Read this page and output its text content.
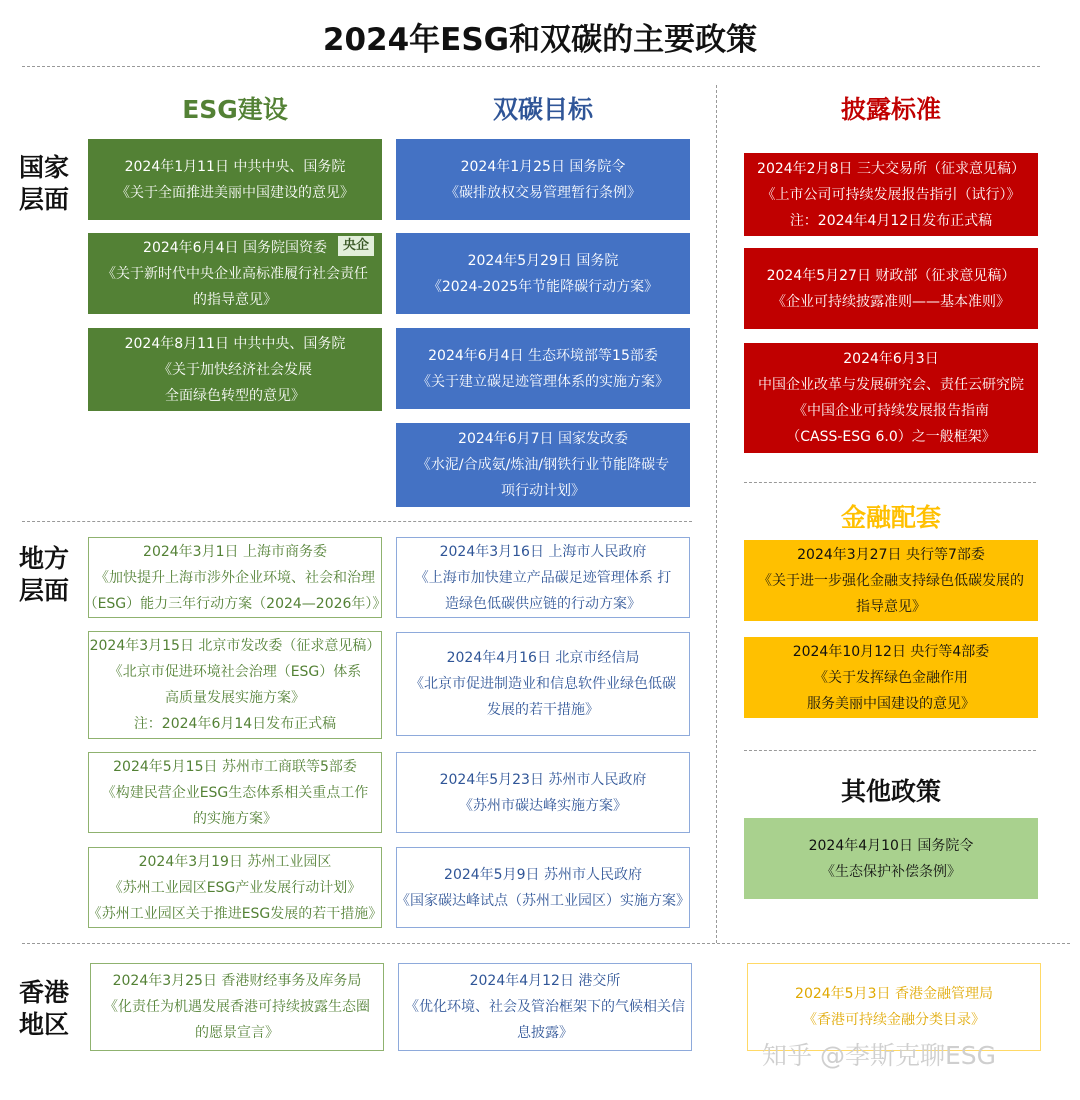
2024年ESG和双碳的主要政策
ESG建设	双碳目标	披露标准
金融配套
其他政策
国家
层面
地方
层面
香港
地区
2024年1月11日 中共中央、国务院
《关于全面推进美丽中国建设的意见》
2024年6月4日 国务院国资委
《关于新时代中央企业高标准履行社会责任
的指导意见》
央企
2024年8月11日 中共中央、国务院
《关于加快经济社会发展
全面绿色转型的意见》
2024年1月25日 国务院令
《碳排放权交易管理暂行条例》
2024年5月29日 国务院
《2024-2025年节能降碳行动方案》
2024年6月4日 生态环境部等15部委
《关于建立碳足迹管理体系的实施方案》
2024年6月7日 国家发改委
《水泥/合成氨/炼油/钢铁行业节能降碳专
项行动计划》
2024年2月8日 三大交易所（征求意见稿）
《上市公司可持续发展报告指引（试行）》
注：2024年4月12日发布正式稿
2024年5月27日 财政部（征求意见稿）
《企业可持续披露准则——基本准则》
2024年6月3日
中国企业改革与发展研究会、责任云研究院
《中国企业可持续发展报告指南
（CASS-ESG 6.0）之一般框架》
2024年3月27日 央行等7部委
《关于进一步强化金融支持绿色低碳发展的
指导意见》
2024年10月12日 央行等4部委
《关于发挥绿色金融作用
服务美丽中国建设的意见》
2024年4月10日 国务院令
《生态保护补偿条例》
2024年3月1日 上海市商务委
《加快提升上海市涉外企业环境、社会和治理
（ESG）能力三年行动方案（2024—2026年）》
2024年3月15日 北京市发改委（征求意见稿）
《北京市促进环境社会治理（ESG）体系
高质量发展实施方案》
注：2024年6月14日发布正式稿
2024年5月15日 苏州市工商联等5部委
《构建民营企业ESG生态体系相关重点工作
的实施方案》
2024年3月19日 苏州工业园区
《苏州工业园区ESG产业发展行动计划》
《苏州工业园区关于推进ESG发展的若干措施》
2024年3月16日 上海市人民政府
《上海市加快建立产品碳足迹管理体系 打
造绿色低碳供应链的行动方案》
2024年4月16日 北京市经信局
《北京市促进制造业和信息软件业绿色低碳
发展的若干措施》
2024年5月23日 苏州市人民政府
《苏州市碳达峰实施方案》
2024年5月9日 苏州市人民政府
《国家碳达峰试点（苏州工业园区）实施方案》
2024年3月25日 香港财经事务及库务局
《化责任为机遇发展香港可持续披露生态圈
的愿景宣言》
2024年4月12日 港交所
《优化环境、社会及管治框架下的气候相关信
息披露》
2024年5月3日 香港金融管理局
《香港可持续金融分类目录》
知乎 @李斯克聊ESG
